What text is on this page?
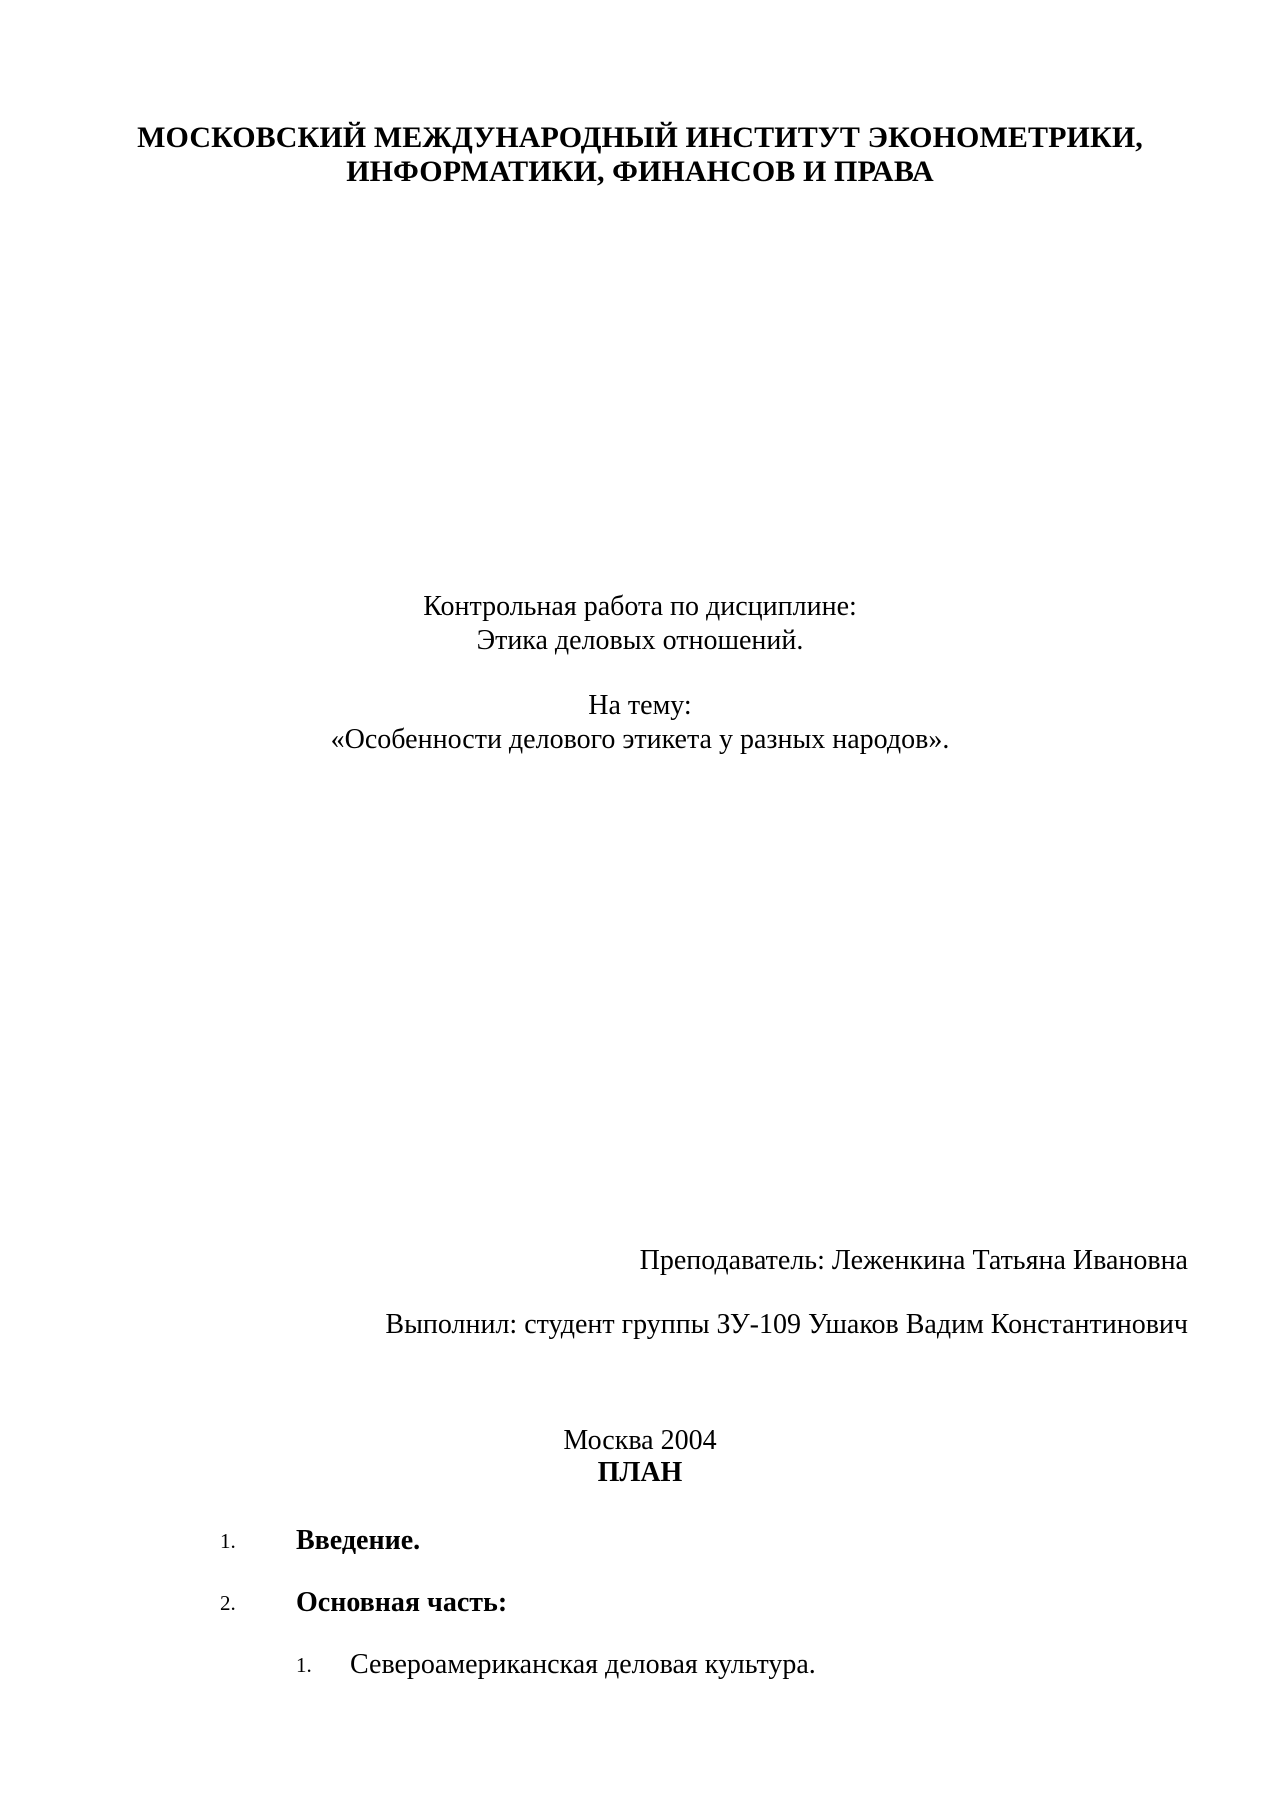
МОСКОВСКИЙ МЕЖДУНАРОДНЫЙ ИНСТИТУТ ЭКОНОМЕТРИКИ,
ИНФОРМАТИКИ, ФИНАНСОВ И ПРАВА
Контрольная работа по дисциплине:
Этика деловых отношений.
На тему:
«Особенности делового этикета у разных народов».
Преподаватель: Леженкина Татьяна Ивановна
Выполнил: студент группы ЗУ-109 Ушаков Вадим Константинович
Москва 2004
ПЛАН
1. Введение.
2. Основная часть:
1. Североамериканская деловая культура.
